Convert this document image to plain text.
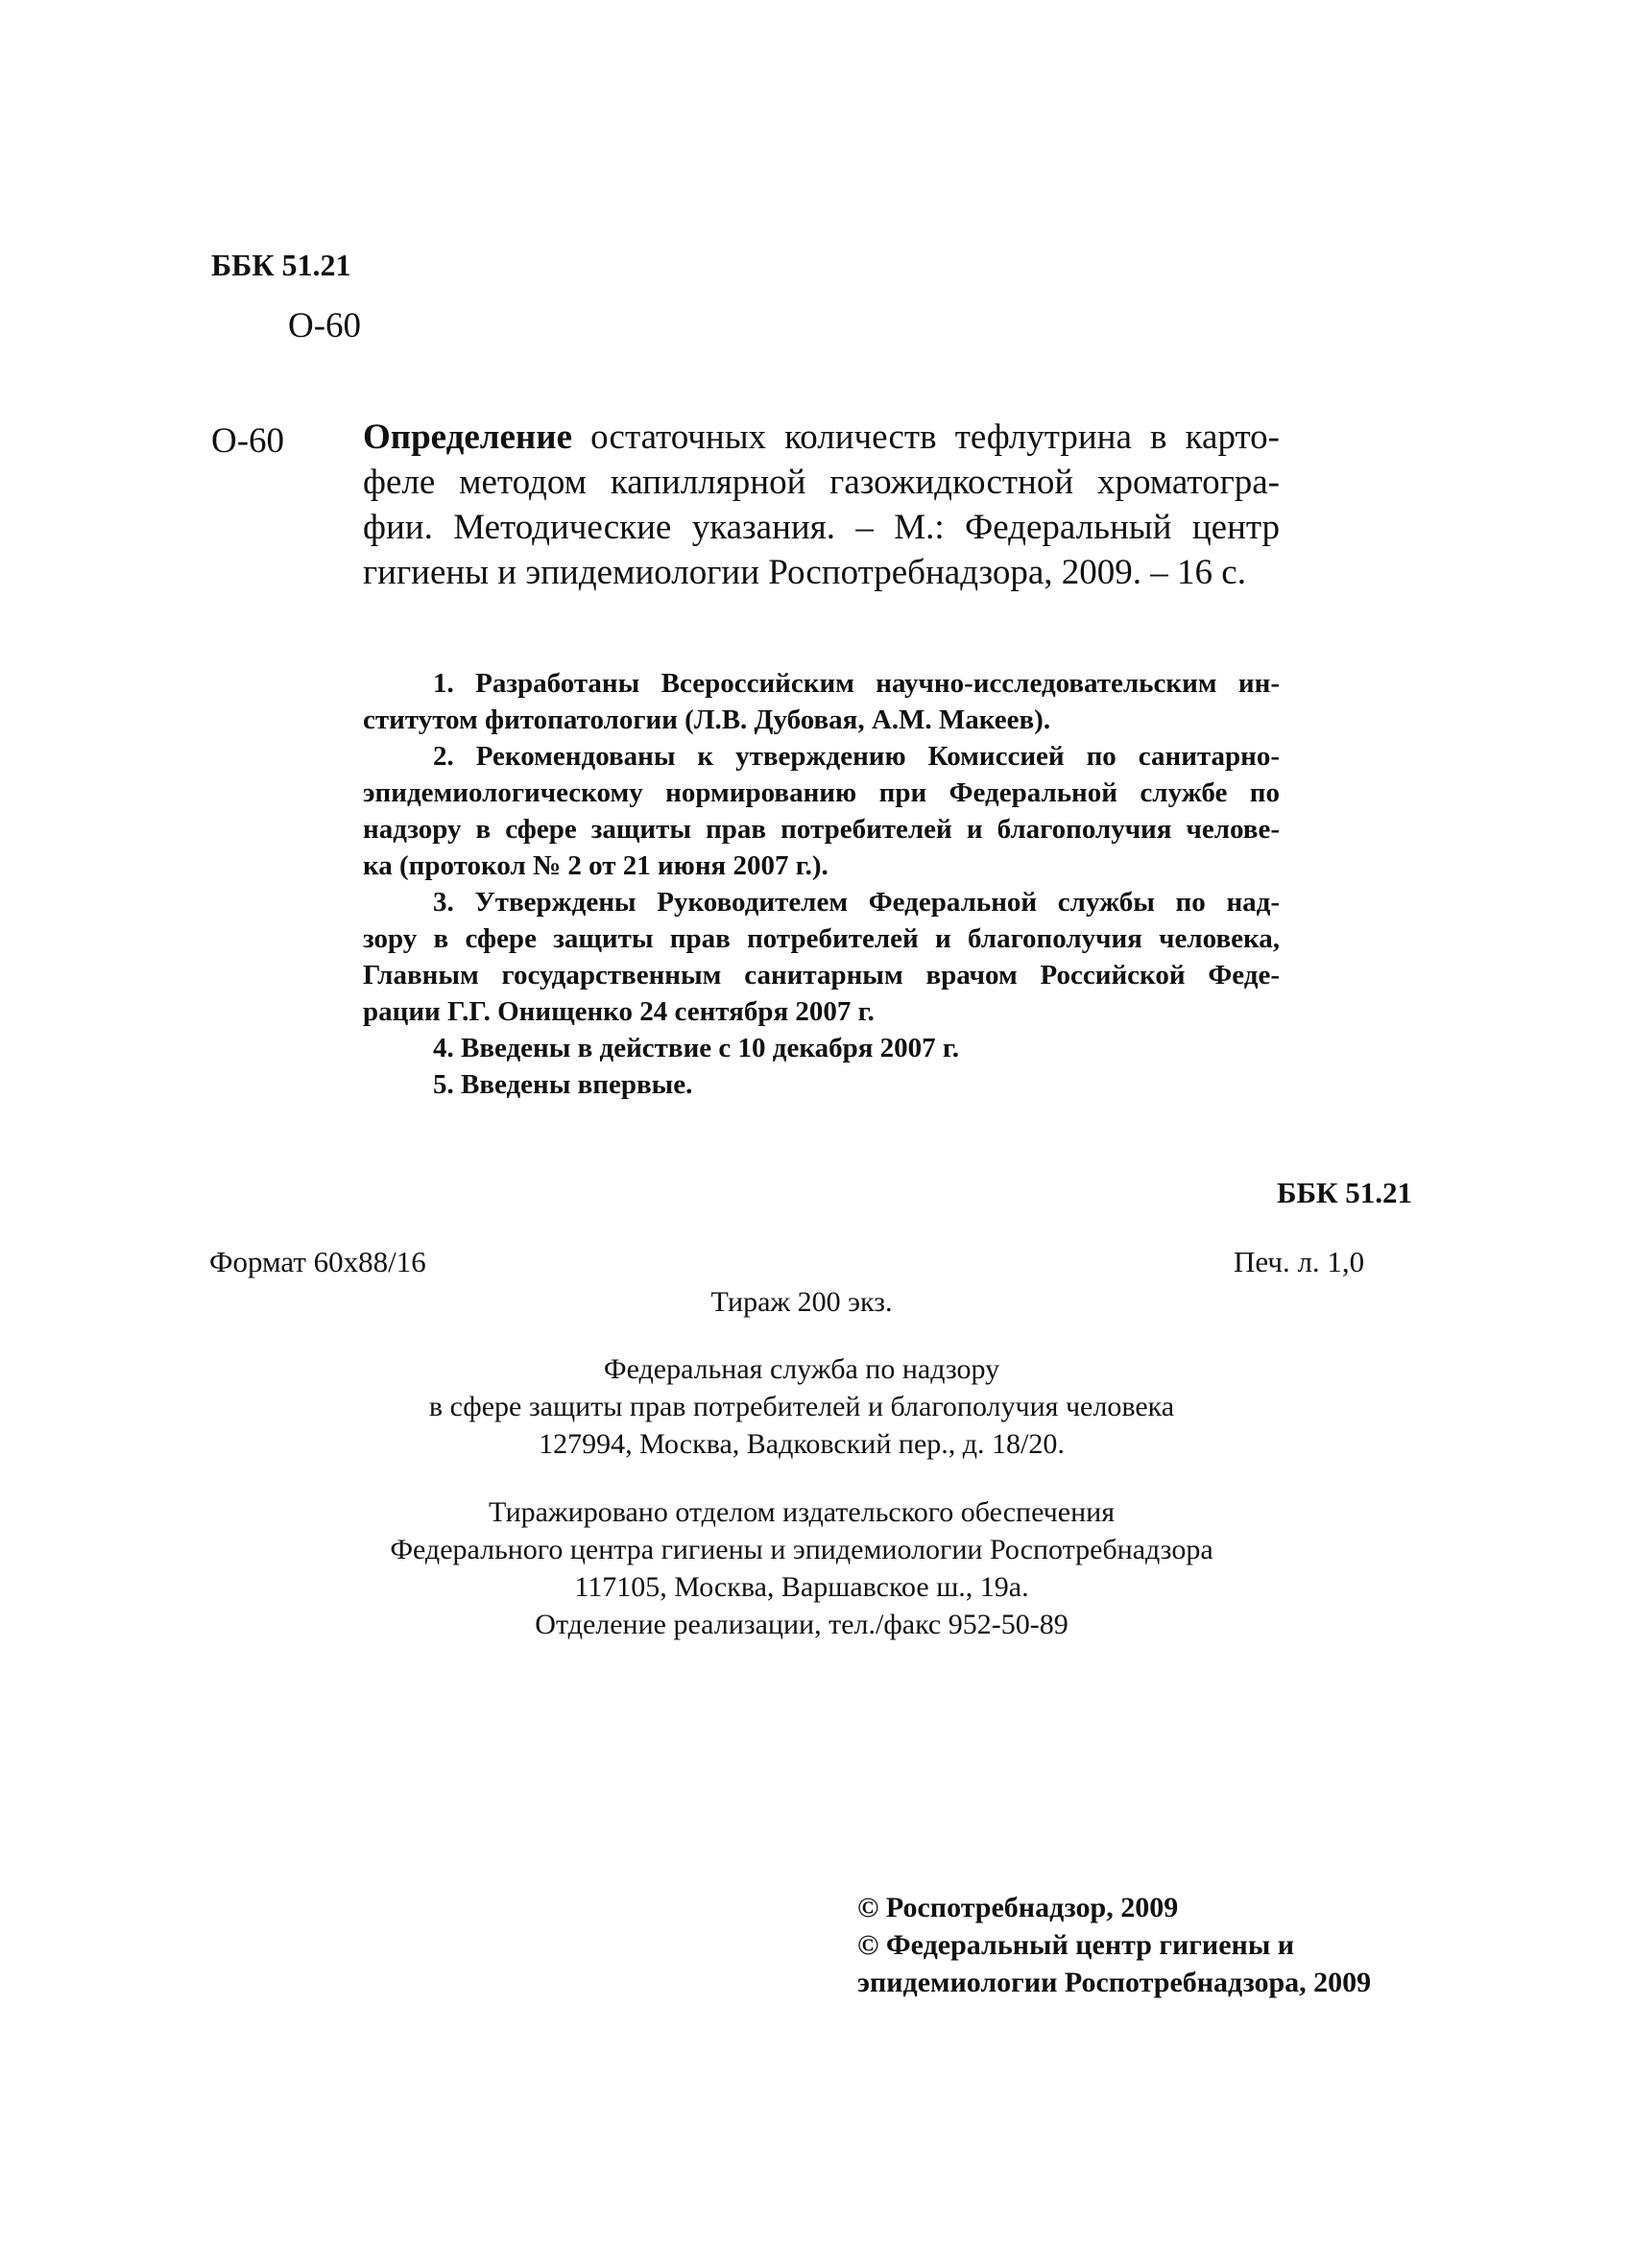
ББК 51.21
О-60
О-60 Определение остаточных количеств тефлутрина в карто-
феле методом капиллярной газожидкостной хроматогра-
фии. Методические указания. – М.: Федеральный центр
гигиены и эпидемиологии Роспотребнадзора, 2009. – 16 с.
1. Разработаны Всероссийским научно-исследовательским ин-
ститутом фитопатологии (Л.В. Дубовая, А.М. Макеев).
2. Рекомендованы к утверждению Комиссией по санитарно-
эпидемиологическому нормированию при Федеральной службе по
надзору в сфере защиты прав потребителей и благополучия челове-
ка (протокол № 2 от 21 июня 2007 г.).
3. Утверждены Руководителем Федеральной службы по над-
зору в сфере защиты прав потребителей и благополучия человека,
Главным государственным санитарным врачом Российской Феде-
рации Г.Г. Онищенко 24 сентября 2007 г.
4. Введены в действие с 10 декабря 2007 г.
5. Введены впервые.
ББК 51.21
Формат 60x88/16	Печ. л. 1,0
Тираж 200 экз.
Федеральная служба по надзору
в сфере защиты прав потребителей и благополучия человека
127994, Москва, Вадковский пер., д. 18/20.
Тиражировано отделом издательского обеспечения
Федерального центра гигиены и эпидемиологии Роспотребнадзора
117105, Москва, Варшавское ш., 19а.
Отделение реализации, тел./факс 952-50-89
© Роспотребнадзор, 2009
© Федеральный центр гигиены и
эпидемиологии Роспотребнадзора, 2009
